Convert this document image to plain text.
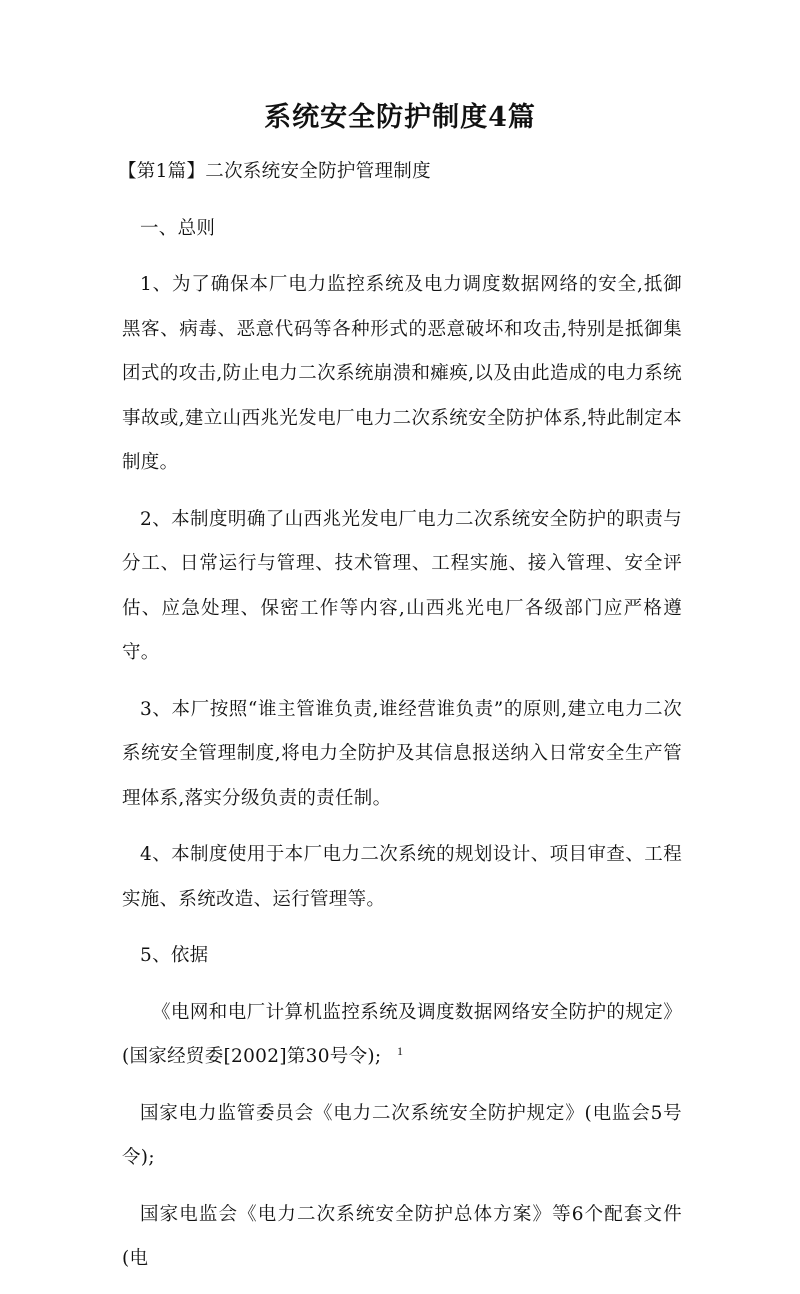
系统安全防护制度4篇

【第1篇】二次系统安全防护管理制度

一、总则

1、为了确保本厂电力监控系统及电力调度数据网络的安全,抵御黑客、病毒、恶意代码等各种形式的恶意破坏和攻击,特别是抵御集团式的攻击,防止电力二次系统崩溃和瘫痪,以及由此造成的电力系统事故或,建立山西兆光发电厂电力二次系统安全防护体系,特此制定本制度。

2、本制度明确了山西兆光发电厂电力二次系统安全防护的职责与分工、日常运行与管理、技术管理、工程实施、接入管理、安全评估、应急处理、保密工作等内容,山西兆光电厂各级部门应严格遵守。

3、本厂按照“谁主管谁负责,谁经营谁负责”的原则,建立电力二次系统安全管理制度,将电力全防护及其信息报送纳入日常安全生产管理体系,落实分级负责的责任制。

4、本制度使用于本厂电力二次系统的规划设计、项目审查、工程实施、系统改造、运行管理等。

5、依据

《电网和电厂计算机监控系统及调度数据网络安全防护的规定》(国家经贸委[2002]第30号令);

国家电力监管委员会《电力二次系统安全防护规定》(电监会5号令);

国家电监会《电力二次系统安全防护总体方案》等6个配套文件(电

1
